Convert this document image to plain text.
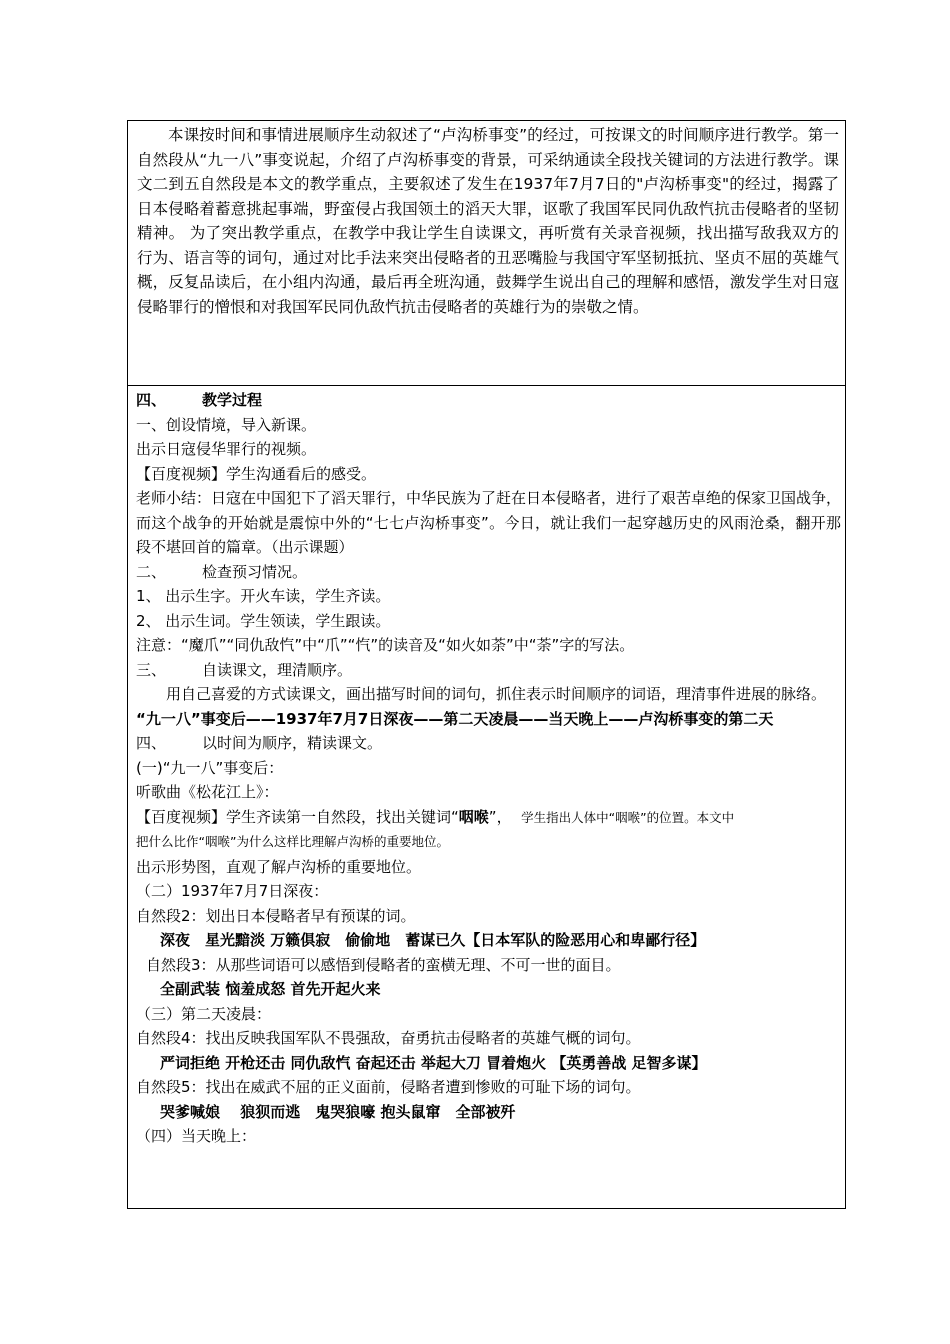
本课按时间和事情进展顺序生动叙述了“卢沟桥事变”的经过，可按课文的时间顺序进行教学。第一自然段从“九一八”事变说起，介绍了卢沟桥事变的背景，可采纳通读全段找关键词的方法进行教学。课文二到五自然段是本文的教学重点，主要叙述了发生在1937年7月7日的"卢沟桥事变"的经过，揭露了日本侵略着蓄意挑起事端，野蛮侵占我国领土的滔天大罪，讴歌了我国军民同仇敌忾抗击侵略者的坚韧精神。 为了突出教学重点，在教学中我让学生自读课文，再听赏有关录音视频，找出描写敌我双方的行为、语言等的词句，通过对比手法来突出侵略者的丑恶嘴脸与我国守军坚韧抵抗、坚贞不屈的英雄气概，反复品读后，在小组内沟通，最后再全班沟通，鼓舞学生说出自己的理解和感悟，激发学生对日寇侵略罪行的憎恨和对我国军民同仇敌忾抗击侵略者的英雄行为的崇敬之情。

四、 教学过程

一、创设情境，导入新课。

出示日寇侵华罪行的视频。

【百度视频】学生沟通看后的感受。

老师小结：日寇在中国犯下了滔天罪行，中华民族为了赶在日本侵略者，进行了艰苦卓绝的保家卫国战争，而这个战争的开始就是震惊中外的“七七卢沟桥事变”。今日，就让我们一起穿越历史的风雨沧桑，翻开那段不堪回首的篇章。（出示课题）

二、 检查预习情况。

1、 出示生字。开火车读，学生齐读。

2、 出示生词。学生领读，学生跟读。

注意：“魔爪”“同仇敌忾”中“爪”“忾”的读音及“如火如荼”中“荼”字的写法。

三、 自读课文，理清顺序。

用自己喜爱的方式读课文，画出描写时间的词句，抓住表示时间顺序的词语，理清事件进展的脉络。

“九一八”事变后——1937年7月7日深夜——第二天凌晨——当天晚上——卢沟桥事变的第二天

四、 以时间为顺序，精读课文。

(一)“九一八”事变后：

听歌曲《松花江上》：

【百度视频】学生齐读第一自然段，找出关键词“咽喉”， 学生指出人体中“咽喉”的位置。本文中

把什么比作“咽喉”为什么这样比理解卢沟桥的重要地位。

出示形势图，直观了解卢沟桥的重要地位。

（二）1937年7月7日深夜：

自然段2：划出日本侵略者早有预谋的词。

深夜　星光黯淡 万籁俱寂　偷偷地　蓄谋已久【日本军队的险恶用心和卑鄙行径】

自然段3：从那些词语可以感悟到侵略者的蛮横无理、不可一世的面目。

全副武装 恼羞成怒 首先开起火来

（三）第二天凌晨：

自然段4：找出反映我国军队不畏强敌，奋勇抗击侵略者的英雄气概的词句。

严词拒绝 开枪还击 同仇敌忾 奋起还击 举起大刀 冒着炮火 【英勇善战 足智多谋】

自然段5：找出在威武不屈的正义面前，侵略者遭到惨败的可耻下场的词句。

哭爹喊娘　 狼狈而逃　鬼哭狼嚎 抱头鼠窜　全部被歼

（四）当天晚上：
